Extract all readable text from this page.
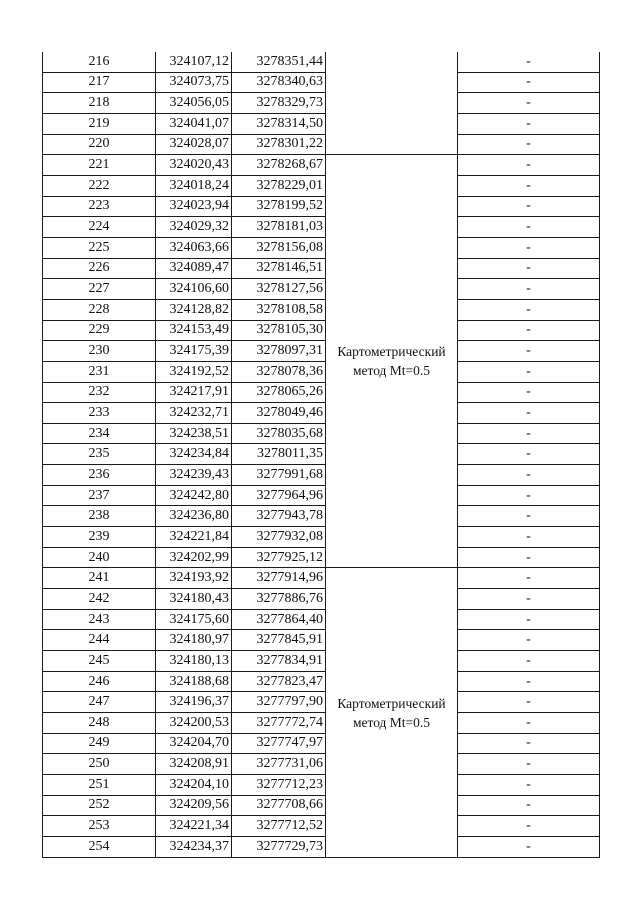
216	324107,12	3278351,44		-
217	324073,75	3278340,63		-
218	324056,05	3278329,73		-
219	324041,07	3278314,50		-
220	324028,07	3278301,22		-
221	324020,43	3278268,67	Картометрический метод Mt=0.5	-
222	324018,24	3278229,01		-
223	324023,94	3278199,52		-
224	324029,32	3278181,03		-
225	324063,66	3278156,08		-
226	324089,47	3278146,51		-
227	324106,60	3278127,56		-
228	324128,82	3278108,58		-
229	324153,49	3278105,30		-
230	324175,39	3278097,31		-
231	324192,52	3278078,36		-
232	324217,91	3278065,26		-
233	324232,71	3278049,46		-
234	324238,51	3278035,68		-
235	324234,84	3278011,35		-
236	324239,43	3277991,68		-
237	324242,80	3277964,96		-
238	324236,80	3277943,78		-
239	324221,84	3277932,08		-
240	324202,99	3277925,12		-
241	324193,92	3277914,96	Картометрический метод Mt=0.5	-
242	324180,43	3277886,76		-
243	324175,60	3277864,40		-
244	324180,97	3277845,91		-
245	324180,13	3277834,91		-
246	324188,68	3277823,47		-
247	324196,37	3277797,90		-
248	324200,53	3277772,74		-
249	324204,70	3277747,97		-
250	324208,91	3277731,06		-
251	324204,10	3277712,23		-
252	324209,56	3277708,66		-
253	324221,34	3277712,52		-
254	324234,37	3277729,73		-
